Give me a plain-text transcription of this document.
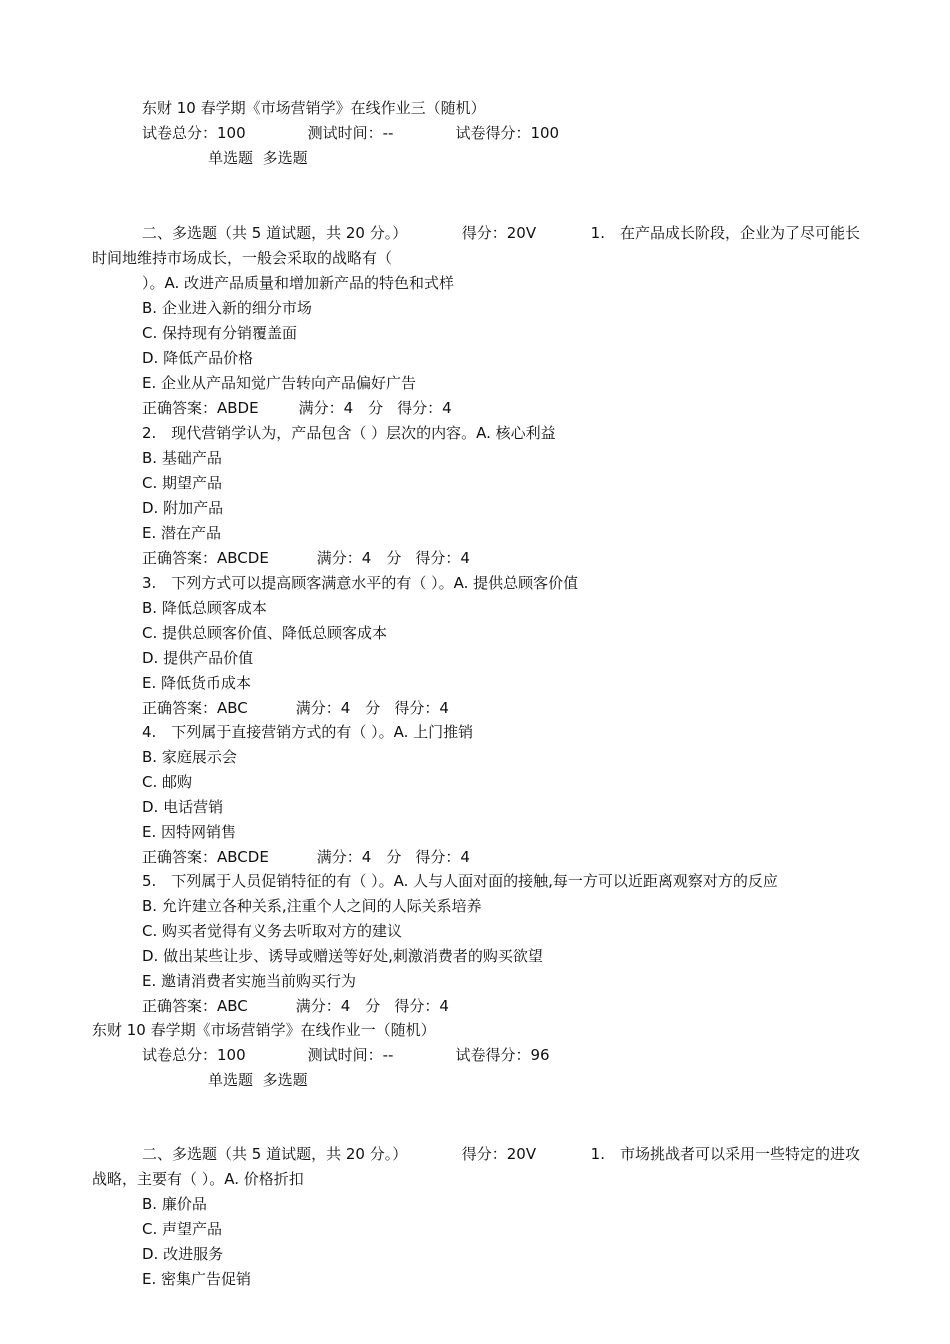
东财 10 春学期《市场营销学》在线作业三（随机）
试卷总分：100	测试时间：--	试卷得分：100
单选题 多选题
二、多选题（共 5 道试题，共 20 分。）	得分：20V	1.　在产品成长阶段，企业为了尽可能长
时间地维持市场成长，一般会采取的战略有（
）。A. 改进产品质量和增加新产品的特色和式样
B. 企业进入新的细分市场
C. 保持现有分销覆盖面
D. 降低产品价格
E. 企业从产品知觉广告转向产品偏好广告
正确答案：ABDE	满分：4　分 得分：4
2.　现代营销学认为，产品包含（ ）层次的内容。A. 核心利益
B. 基础产品
C. 期望产品
D. 附加产品
E. 潜在产品
正确答案：ABCDE	满分：4　分 得分：4
3.　下列方式可以提高顾客满意水平的有（ ）。A. 提供总顾客价值
B. 降低总顾客成本
C. 提供总顾客价值、降低总顾客成本
D. 提供产品价值
E. 降低货币成本
正确答案：ABC	满分：4　分 得分：4
4.　下列属于直接营销方式的有（ ）。A. 上门推销
B. 家庭展示会
C. 邮购
D. 电话营销
E. 因特网销售
正确答案：ABCDE	满分：4　分 得分：4
5.　下列属于人员促销特征的有（ ）。A. 人与人面对面的接触,每一方可以近距离观察对方的反应
B. 允许建立各种关系,注重个人之间的人际关系培养
C. 购买者觉得有义务去听取对方的建议
D. 做出某些让步、诱导或赠送等好处,刺激消费者的购买欲望
E. 邀请消费者实施当前购买行为
正确答案：ABC	满分：4　分 得分：4
东财 10 春学期《市场营销学》在线作业一（随机）
试卷总分：100	测试时间：--	试卷得分：96
单选题 多选题
二、多选题（共 5 道试题，共 20 分。）	得分：20V	1.　市场挑战者可以采用一些特定的进攻
战略，主要有（ ）。A. 价格折扣
B. 廉价品
C. 声望产品
D. 改进服务
E. 密集广告促销
